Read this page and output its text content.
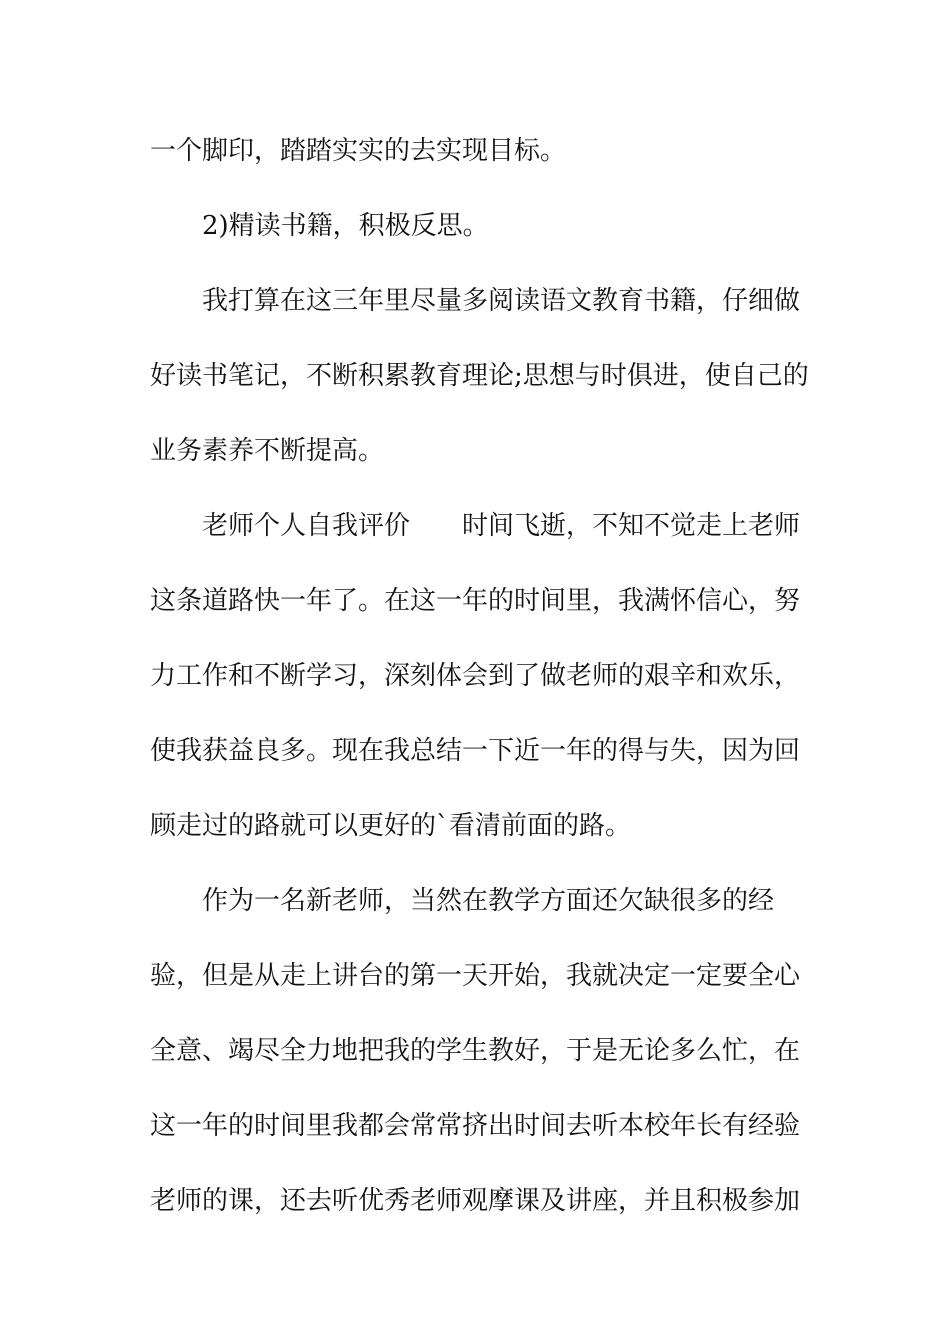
一个脚印，踏踏实实的去实现目标。

2)精读书籍，积极反思。

我打算在这三年里尽量多阅读语文教育书籍，仔细做

好读书笔记，不断积累教育理论;思想与时俱进，使自己的

业务素养不断提高。

老师个人自我评价　　时间飞逝，不知不觉走上老师

这条道路快一年了。在这一年的时间里，我满怀信心，努

力工作和不断学习，深刻体会到了做老师的艰辛和欢乐，

使我获益良多。现在我总结一下近一年的得与失，因为回

顾走过的路就可以更好的`看清前面的路。

作为一名新老师，当然在教学方面还欠缺很多的经

验，但是从走上讲台的第一天开始，我就决定一定要全心

全意、竭尽全力地把我的学生教好，于是无论多么忙，在

这一年的时间里我都会常常挤出时间去听本校年长有经验

老师的课，还去听优秀老师观摩课及讲座，并且积极参加
